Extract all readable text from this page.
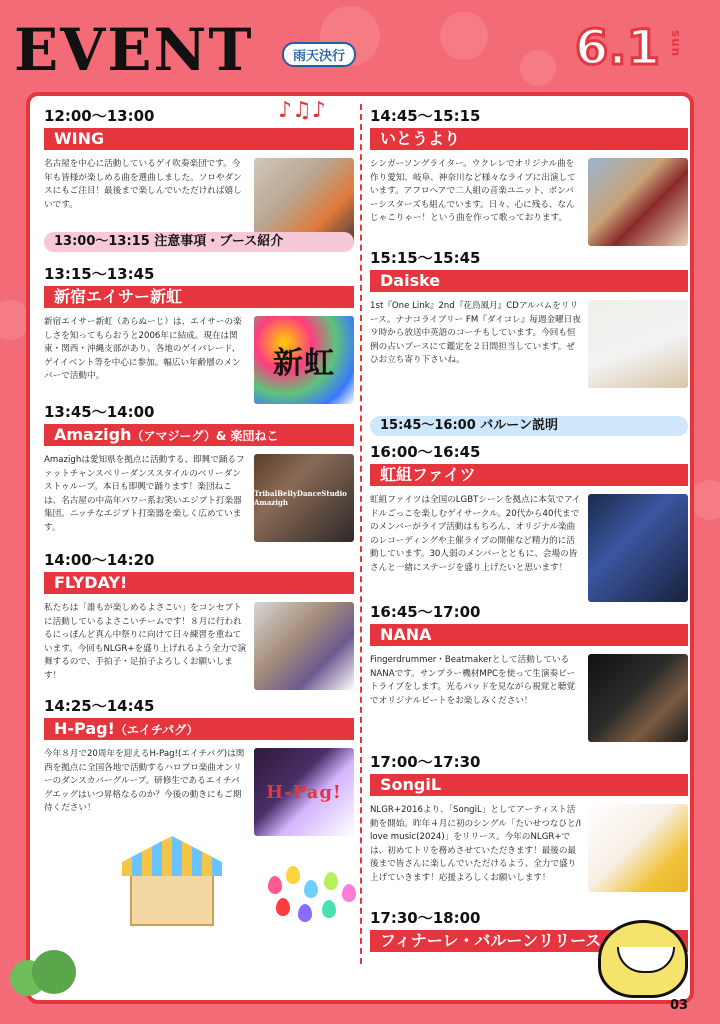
EVENT	雨天決行	6.1 sun
♪♫♪
12:00〜13:00
WING
名古屋を中心に活動しているゲイ吹奏楽団です。今年も皆様が楽しめる曲を選曲しました。ソロやダンスにもご注目！最後まで楽しんでいただければ嬉しいです。
13:00〜13:15 注意事項・ブース紹介
13:15〜13:45
新宿エイサー新虹
新宿エイサー新虹（あらぬーじ）は、エイサーの楽しさを知ってもらおうと2006年に結成。現在は関東・関西・沖縄支部があり、各地のゲイパレード、ゲイイベント等を中心に参加。幅広い年齢層のメンバーで活動中。	新虹
13:45〜14:00
Amazigh（アマジーグ）& 楽団ねこ
Amazighは愛知県を拠点に活動する、即興で踊るファットチャンスベリーダンススタイルのベリーダンストゥループ。本日も即興で踊ります！楽団ねこは、名古屋の中高年パワー系お笑いエジプト打楽器集団。ニッチなエジプト打楽器を楽しく広めています。
TribalBellyDanceStudio Amazigh
14:00〜14:20
FLYDAY!
私たちは「誰もが楽しめるよさこい」をコンセプトに活動しているよさこいチームです！８月に行われるにっぽんど真ん中祭りに向けて日々練習を重ねています。今回もNLGR+を盛り上げれるよう全力で演舞するので、手拍子・足拍子よろしくお願いします！
14:25〜14:45
H-Pag!（エイチパグ）
今年８月で20周年を迎えるH-Pag!(エイチパグ)は関西を拠点に全国各地で活動するハロプロ楽曲オンリーのダンスカバーグループ。研修生であるエイチパグエッグはいつ昇格なるのか？今後の動きにもご期待ください！
H-Pag!
14:45〜15:15
いとうより
シンガーソングライター。ウクレレでオリジナル曲を作り愛知、岐阜、神奈川など様々なライブに出演しています。アフロヘアで二人組の音楽ユニット、ボンバーシスターズも組んでいます。日々、心に残る、なんじゃこりゃー！という曲を作って歌っております。
15:15〜15:45
Daiske
1st『One Link』2nd『花鳥風月』CDアルバムをリリース。ナナコライブリー FM『ダイコレ』毎週金曜日夜９時から放送中英語のコーチもしています。今回も恒例の占いブースにて鑑定を２日間担当しています。ぜひお立ち寄り下さいね。
15:45〜16:00 バルーン説明
16:00〜16:45
虹組ファイツ
虹組ファイツは全国のLGBTシーンを拠点に本気でアイドルごっこを楽しむゲイサークル。20代から40代までのメンバーがライブ活動はもちろん、オリジナル楽曲のレコーディングや主催ライブの開催など精力的に活動しています。30人弱のメンバーとともに、会場の皆さんと一緒にステージを盛り上げたいと思います！
16:45〜17:00
NANA
Fingerdrummer・Beatmakerとして活動しているNANAです。サンプラー機材MPCを使って生演奏ビートライブをします。光るパッドを見ながら視覚と聴覚でオリジナルビートをお楽しみください！
17:00〜17:30
SongiL
NLGR+2016より、「SongiL」としてアーティスト活動を開始。昨年４月に初のシングル「たいせつなひと/I love music(2024)」をリリース。今年のNLGR+では、初めてトリを務めさせていただきます！最後の最後まで皆さんに楽しんでいただけるよう、全力で盛り上げていきます！応援よろしくお願いします！
17:30〜18:00
フィナーレ・バルーンリリース
03
